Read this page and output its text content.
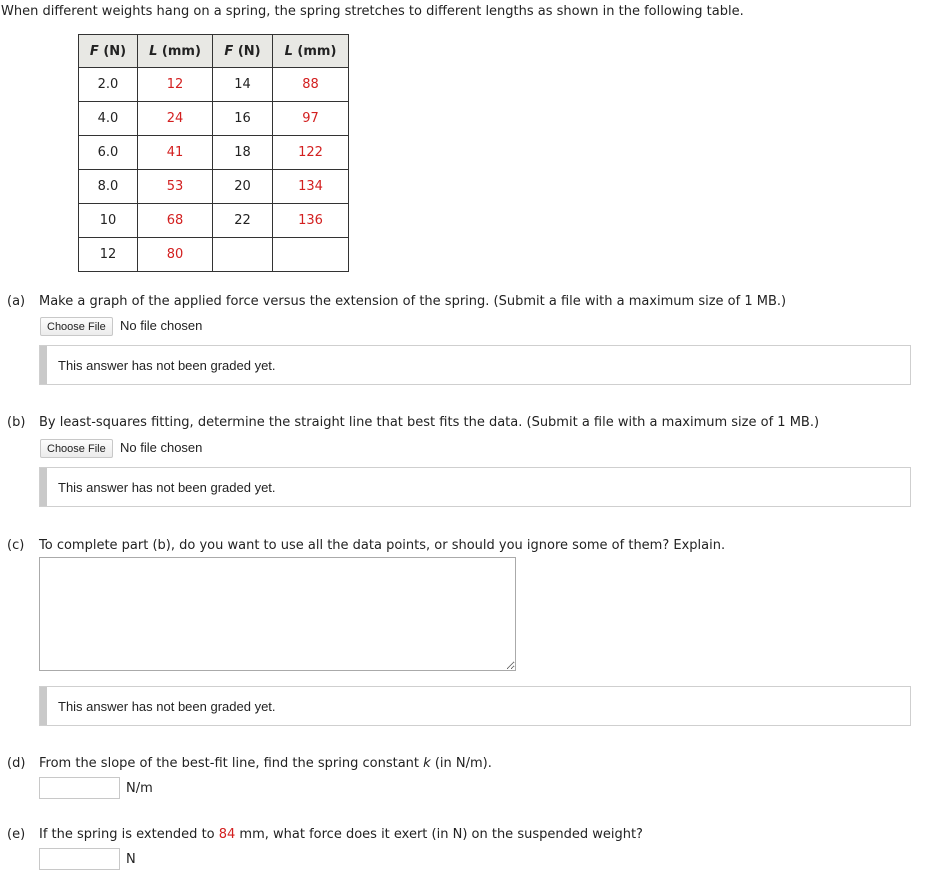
When different weights hang on a spring, the spring stretches to different lengths as shown in the following table.
F (N)	L (mm)	F (N)	L (mm)
2.0	12	14	88
4.0	24	16	97
6.0	41	18	122
8.0	53	20	134
10	68	22	136
12	80		
(a) Make a graph of the applied force versus the extension of the spring. (Submit a file with a maximum size of 1 MB.)
Choose File	No file chosen
This answer has not been graded yet.
(b) By least-squares fitting, determine the straight line that best fits the data. (Submit a file with a maximum size of 1 MB.)
Choose File	No file chosen
This answer has not been graded yet.
(c) To complete part (b), do you want to use all the data points, or should you ignore some of them? Explain.
This answer has not been graded yet.
(d) From the slope of the best-fit line, find the spring constant k (in N/m).
N/m
(e) If the spring is extended to 84 mm, what force does it exert (in N) on the suspended weight?
N
